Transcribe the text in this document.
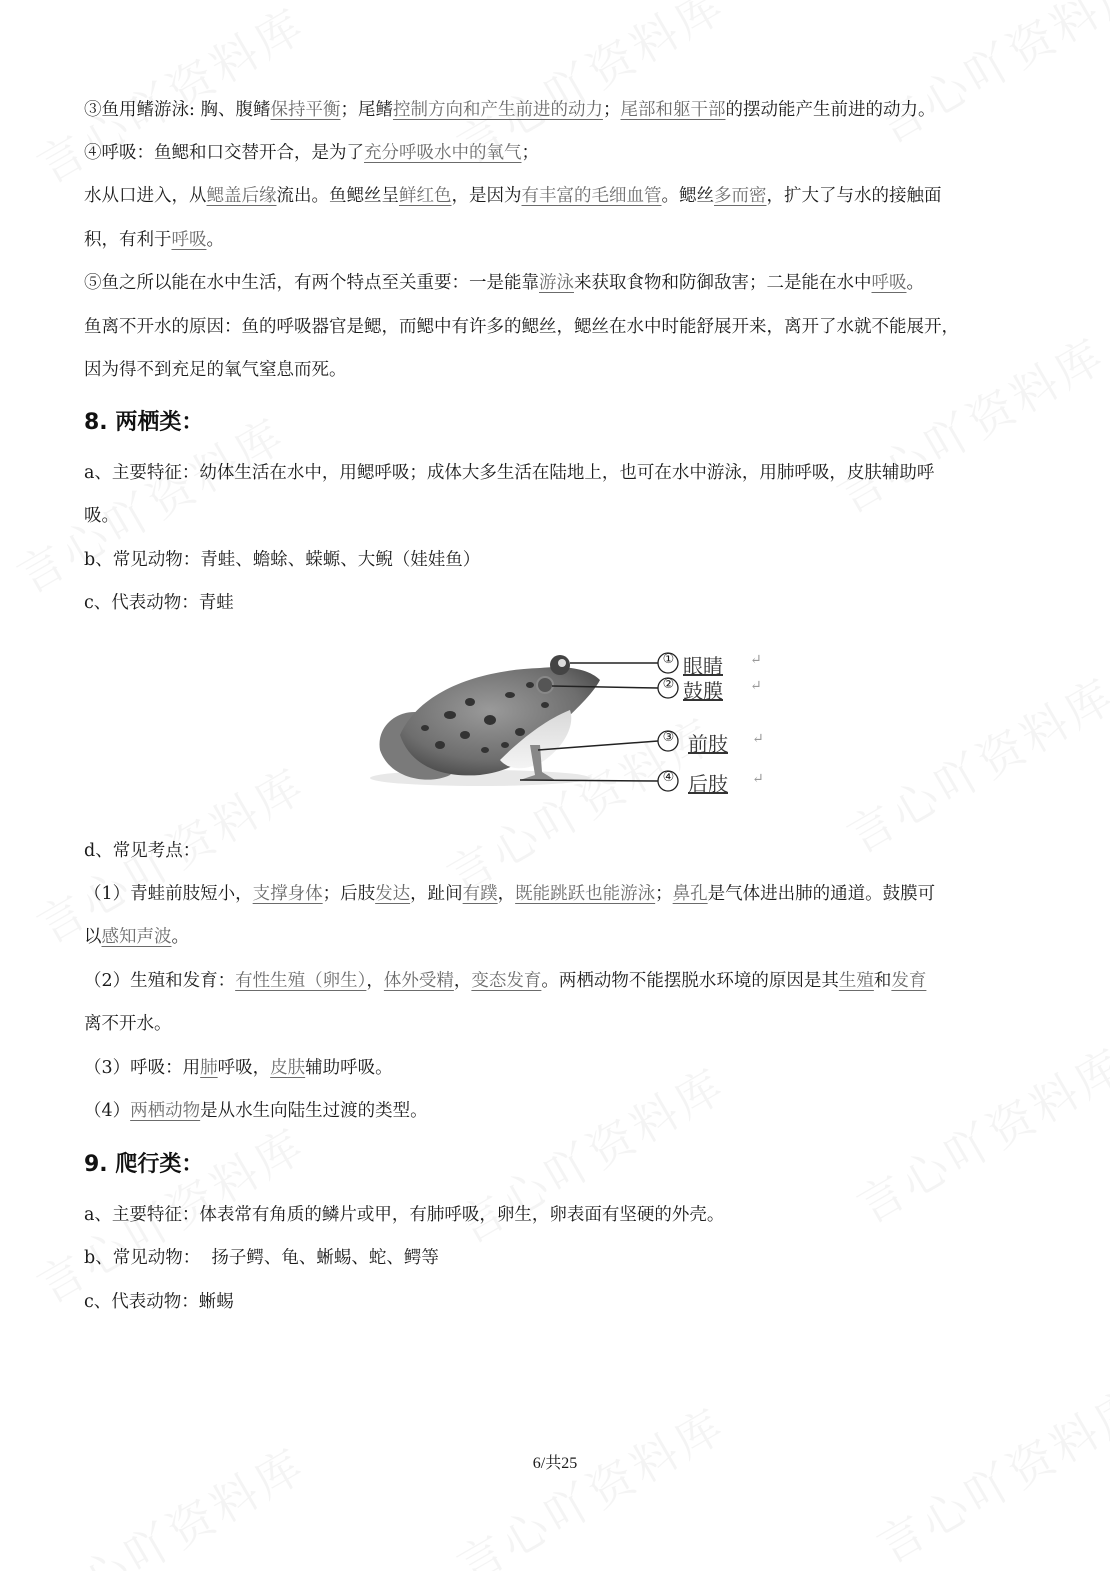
③鱼用鳍游泳: 胸、腹鳍保持平衡；尾鳍控制方向和产生前进的动力；尾部和躯干部的摆动能产生前进的动力。
④呼吸：鱼鳃和口交替开合，是为了充分呼吸水中的氧气；
水从口进入，从鳃盖后缘流出。鱼鳃丝呈鲜红色，是因为有丰富的毛细血管。鳃丝多而密，扩大了与水的接触面
积，有利于呼吸。
⑤鱼之所以能在水中生活，有两个特点至关重要：一是能靠游泳来获取食物和防御敌害；二是能在水中呼吸。
鱼离不开水的原因：鱼的呼吸器官是鳃，而鳃中有许多的鳃丝，鳃丝在水中时能舒展开来，离开了水就不能展开，
因为得不到充足的氧气窒息而死。
8. 两栖类：
a、主要特征：幼体生活在水中，用鳃呼吸；成体大多生活在陆地上，也可在水中游泳，用肺呼吸，皮肤辅助呼
吸。
b、常见动物：青蛙、蟾蜍、蝾螈、大鲵（娃娃鱼）
c、代表动物：青蛙
① 眼睛 ↵
② 鼓膜 ↵
③ 前肢 ↵
④ 后肢 ↵
d、常见考点：
（1）青蛙前肢短小，支撑身体；后肢发达，趾间有蹼，既能跳跃也能游泳；鼻孔是气体进出肺的通道。鼓膜可
以感知声波。
（2）生殖和发育：有性生殖（卵生），体外受精，变态发育。两栖动物不能摆脱水环境的原因是其生殖和发育
离不开水。
（3）呼吸：用肺呼吸，皮肤辅助呼吸。
（4）两栖动物是从水生向陆生过渡的类型。
9. 爬行类：
a、主要特征：体表常有角质的鳞片或甲，有肺呼吸，卵生，卵表面有坚硬的外壳。
b、常见动物：  扬子鳄、龟、蜥蜴、蛇、鳄等
c、代表动物：蜥蜴
6/共25
